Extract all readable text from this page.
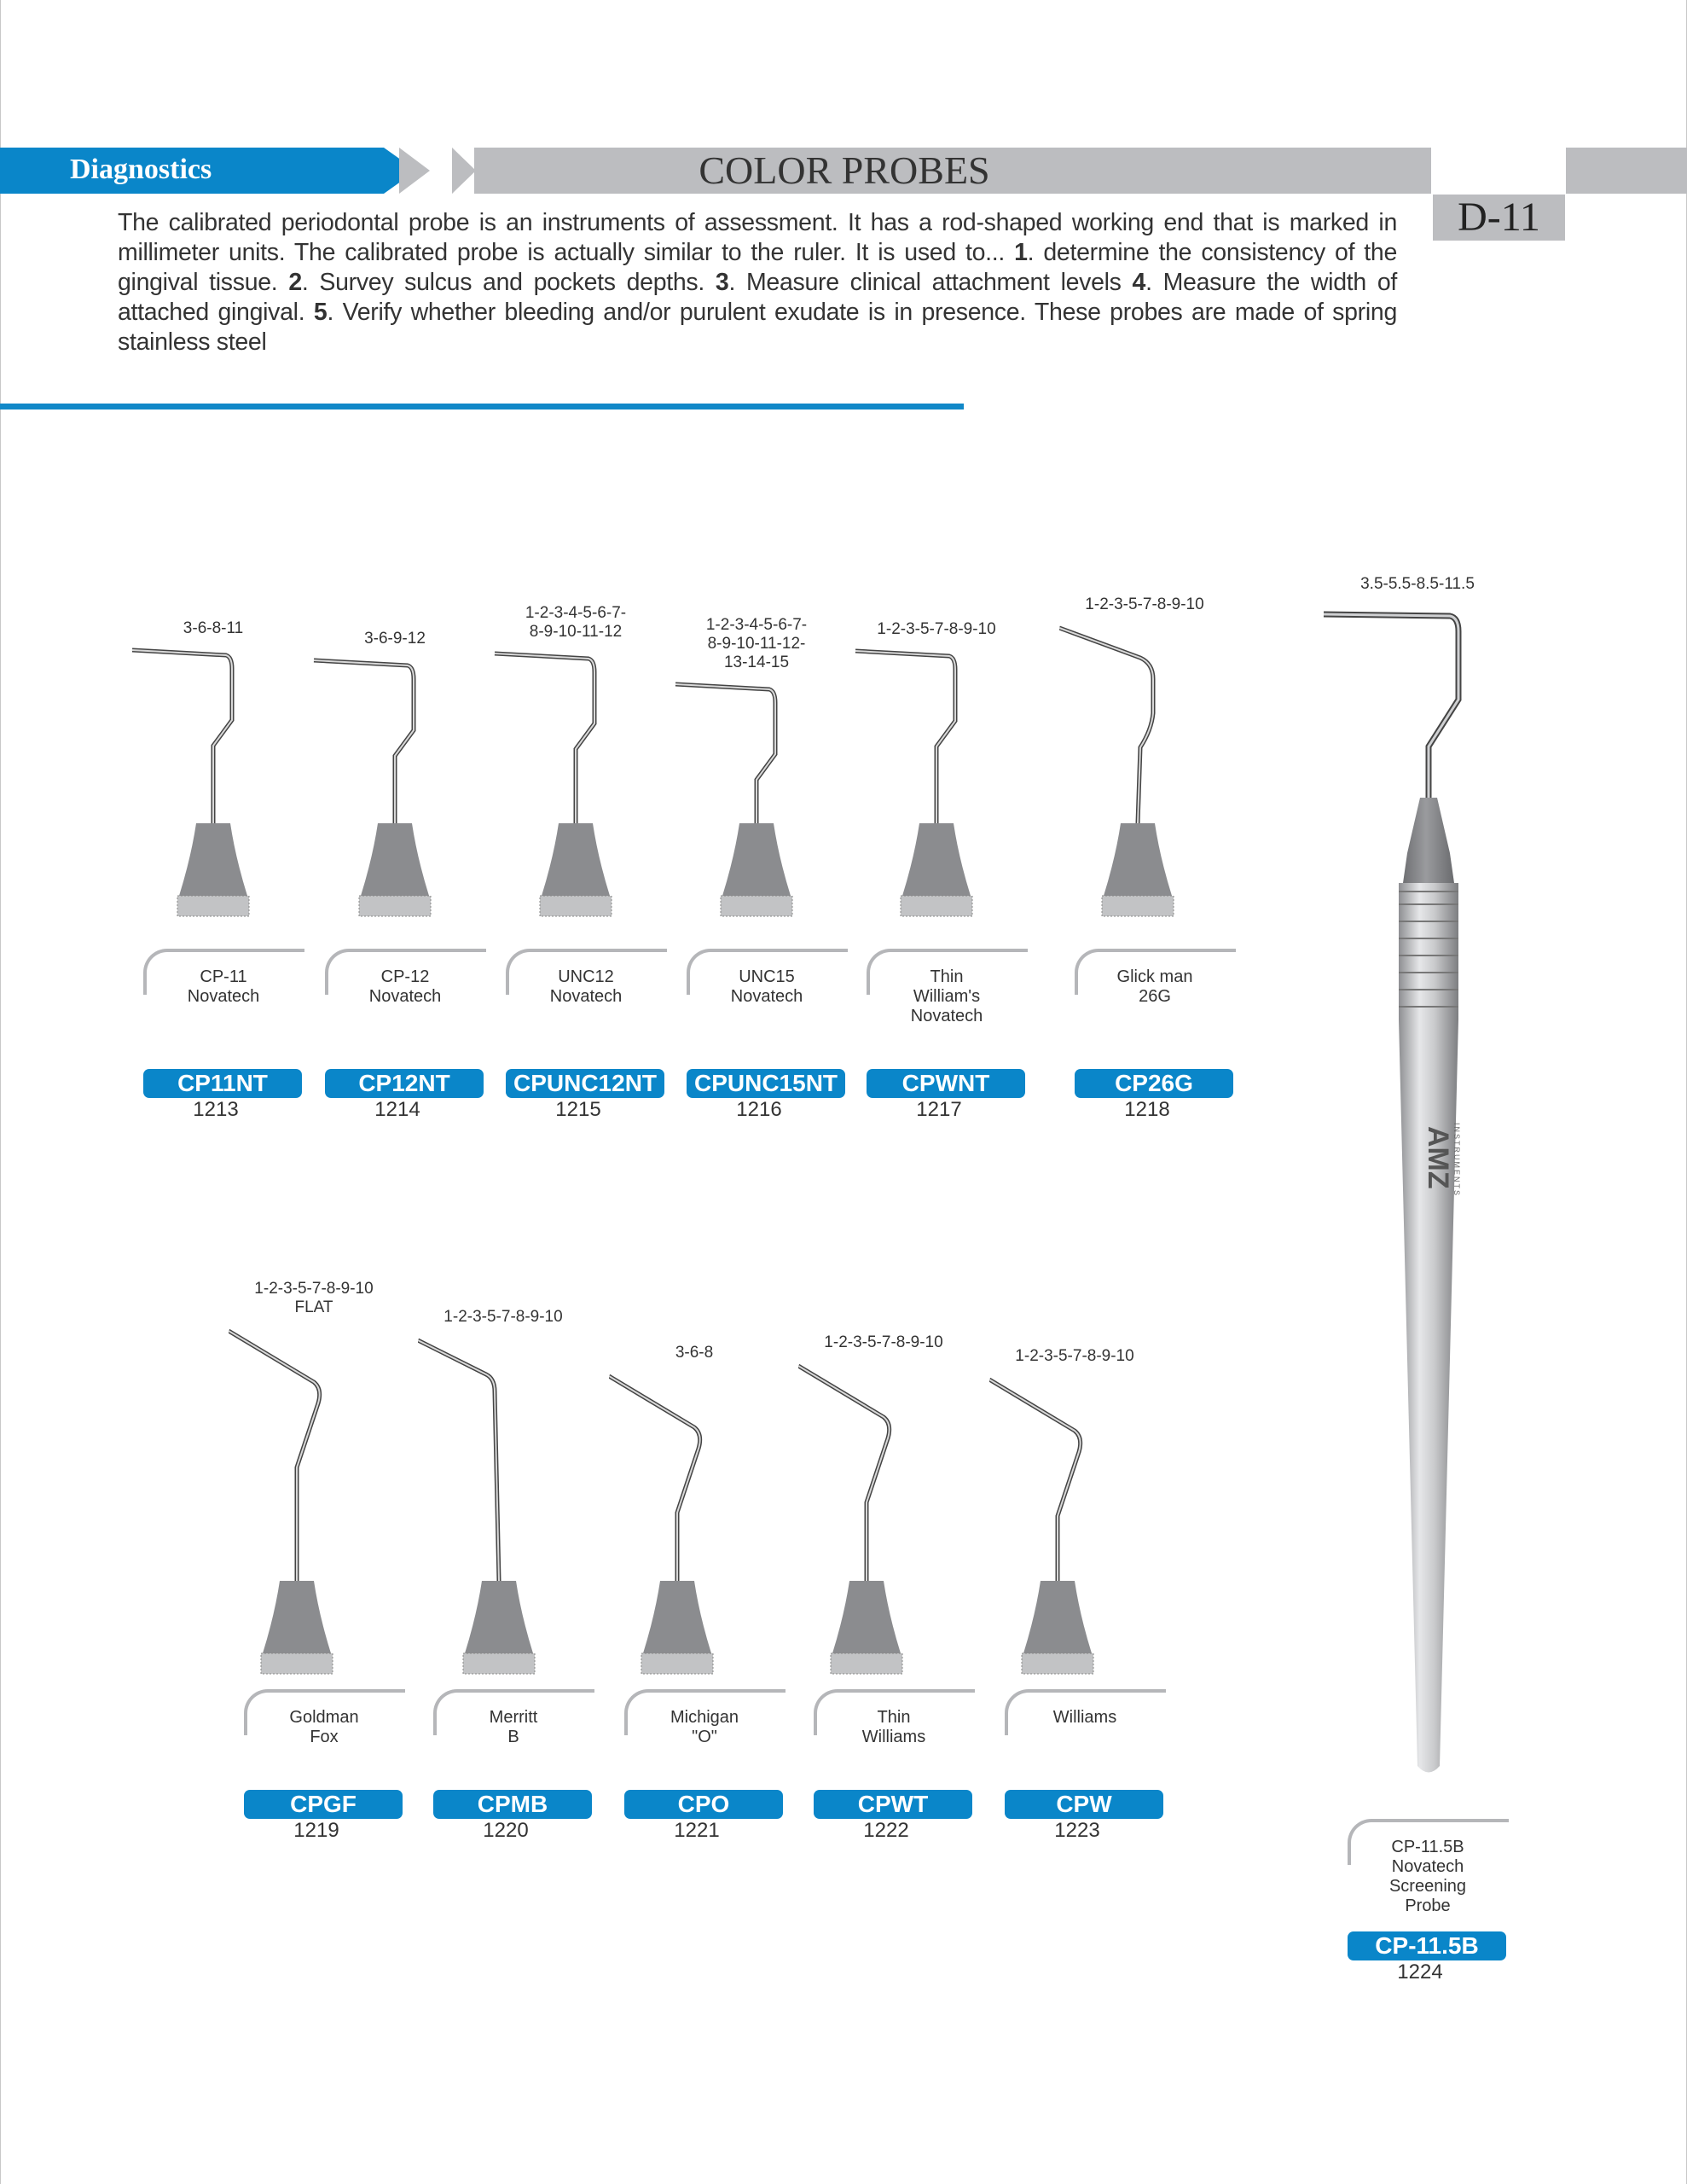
Diagnostics	COLOR PROBES
D-11
The calibrated periodontal probe is an instruments of assessment. It has a rod-shaped working end that is marked in millimeter units. The calibrated probe is actually similar to the ruler. It is used to... 1. determine the consistency of the gingival tissue. 2. Survey sulcus and pockets depths. 3. Measure clinical attachment levels 4. Measure the width of attached gingival. 5. Verify whether bleeding and/or purulent exudate is in presence. These probes are made of spring stainless steel
3-6-8-11
CP-11
Novatech
CP11NT
1213
3-6-9-12
CP-12
Novatech
CP12NT
1214
1-2-3-4-5-6-7-
8-9-10-11-12
UNC12
Novatech
CPUNC12NT
1215
1-2-3-4-5-6-7-
8-9-10-11-12-
13-14-15
UNC15
Novatech
CPUNC15NT
1216
1-2-3-5-7-8-9-10
Thin
William's
Novatech
CPWNT
1217
1-2-3-5-7-8-9-10
Glick man
26G
CP26G
1218
1-2-3-5-7-8-9-10
FLAT
Goldman
Fox
CPGF
1219
1-2-3-5-7-8-9-10
Merritt
B
CPMB
1220
3-6-8
Michigan
"O"
CPO
1221
1-2-3-5-7-8-9-10
Thin
Williams
CPWT
1222
1-2-3-5-7-8-9-10
Williams
CPW
1223
3.5-5.5-8.5-11.5
CP-11.5B
Novatech
Screening
Probe
CP-11.5B
1224
AMZ
INSTRUMENTS
